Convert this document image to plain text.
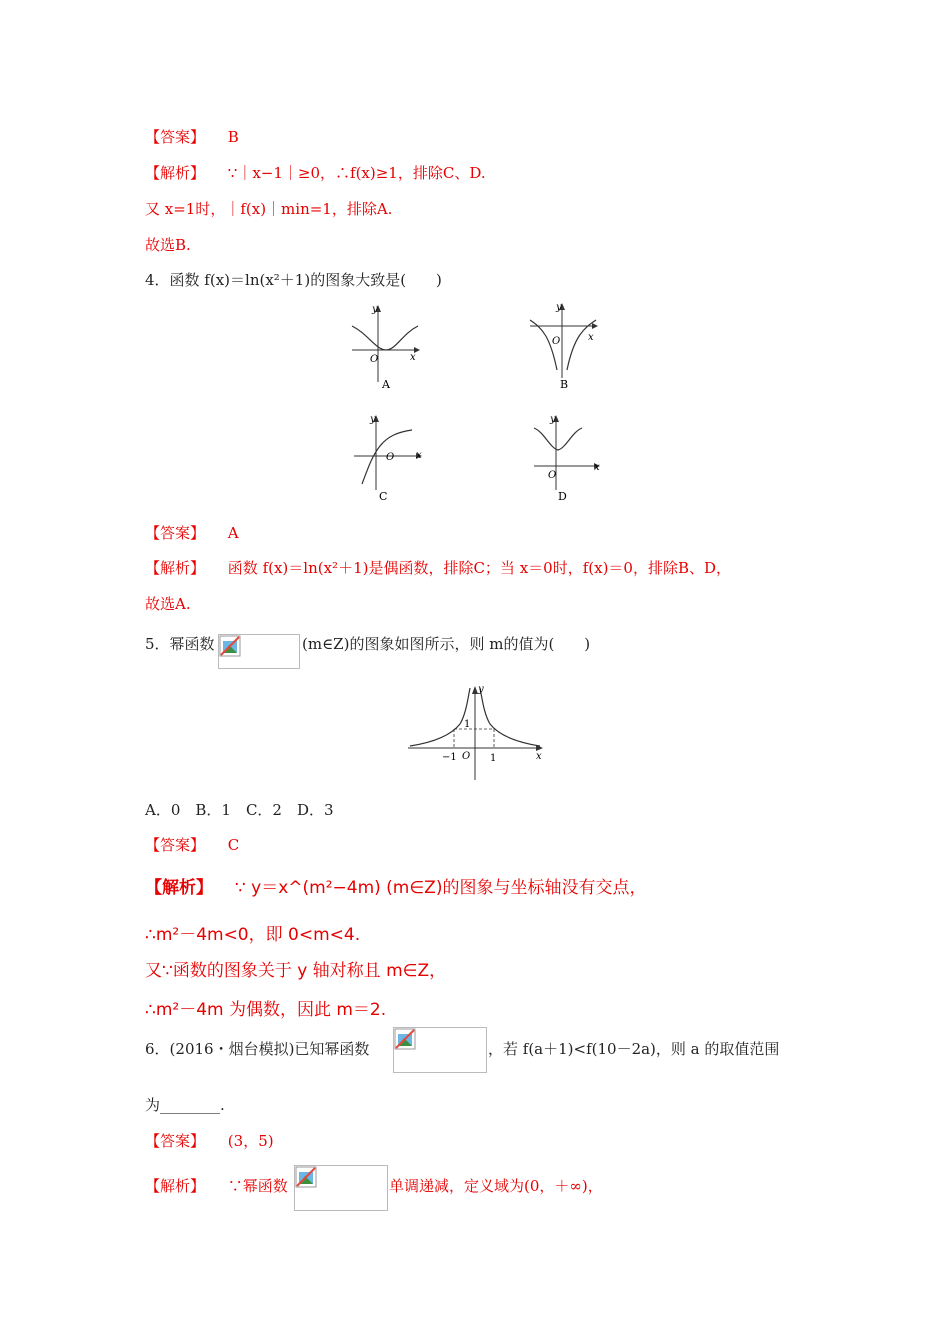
【答案】 B
【解析】 ∵｜x−1｜≥0，∴f(x)≥1，排除C、D.
又 x=1时，｜f(x)｜min=1，排除A.
故选B.
4．函数 f(x)＝ln(x²＋1)的图象大致是(　　)
y
x
O
A
y
x
O
B
y
x
O
C
y
x
O
D
【答案】 A
【解析】 函数 f(x)＝ln(x²＋1)是偶函数，排除C；当 x＝0时，f(x)＝0，排除B、D，
故选A.
5．幂函数	(m∈Z)的图象如图所示，则 m的值为(　　)
y
x
1
−1 O 1
A．0　B．1　C．2　D．3
【答案】 C
【解析】 ∵ y＝x^(m²−4m) (m∈Z)的图象与坐标轴没有交点，
∴m²－4m<0，即 0<m<4.
又∵函数的图象关于 y 轴对称且 m∈Z，
∴m²－4m 为偶数，因此 m＝2.
6．(2016・烟台模拟)已知幂函数	，若 f(a＋1)<f(10－2a)，则 a 的取值范围
为________.
【答案】 (3，5)
【解析】 ∵幂函数	单调递减，定义域为(0，＋∞)，
